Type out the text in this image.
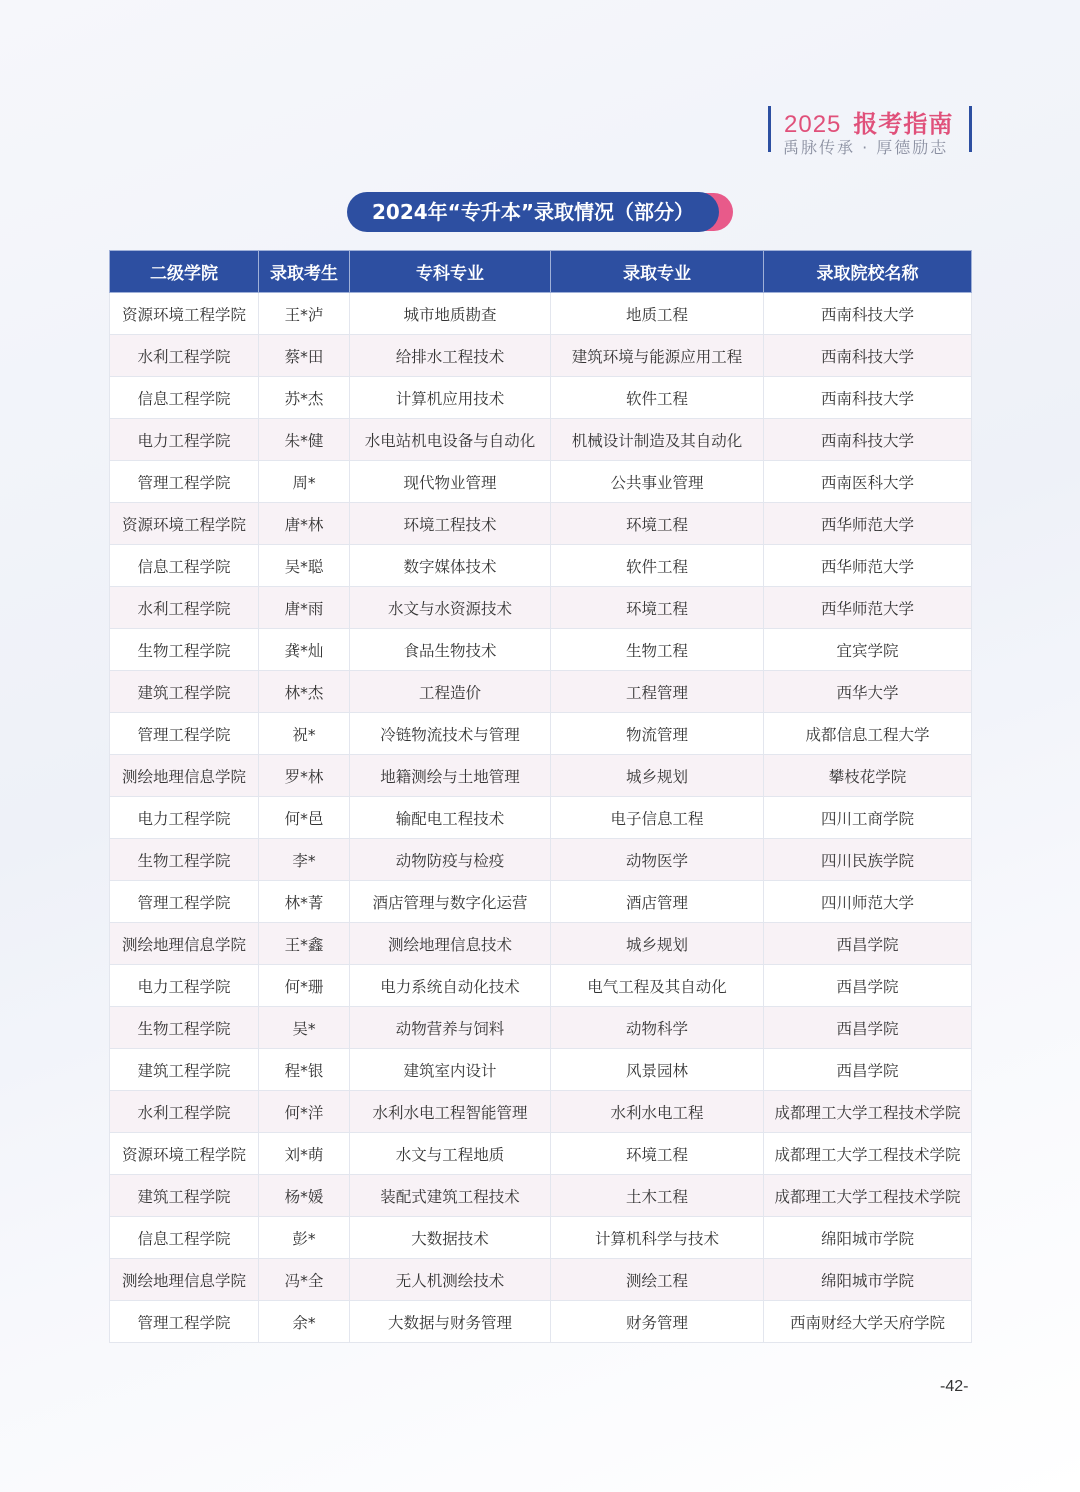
2025 报考指南
禹脉传承 · 厚德励志
2024年“专升本”录取情况（部分）
二级学院	录取考生	专科专业	录取专业	录取院校名称
资源环境工程学院	王*泸	城市地质勘查	地质工程	西南科技大学
水利工程学院	蔡*田	给排水工程技术	建筑环境与能源应用工程	西南科技大学
信息工程学院	苏*杰	计算机应用技术	软件工程	西南科技大学
电力工程学院	朱*健	水电站机电设备与自动化	机械设计制造及其自动化	西南科技大学
管理工程学院	周*	现代物业管理	公共事业管理	西南医科大学
资源环境工程学院	唐*林	环境工程技术	环境工程	西华师范大学
信息工程学院	吴*聪	数字媒体技术	软件工程	西华师范大学
水利工程学院	唐*雨	水文与水资源技术	环境工程	西华师范大学
生物工程学院	龚*灿	食品生物技术	生物工程	宜宾学院
建筑工程学院	林*杰	工程造价	工程管理	西华大学
管理工程学院	祝*	冷链物流技术与管理	物流管理	成都信息工程大学
测绘地理信息学院	罗*林	地籍测绘与土地管理	城乡规划	攀枝花学院
电力工程学院	何*邑	输配电工程技术	电子信息工程	四川工商学院
生物工程学院	李*	动物防疫与检疫	动物医学	四川民族学院
管理工程学院	林*菁	酒店管理与数字化运营	酒店管理	四川师范大学
测绘地理信息学院	王*鑫	测绘地理信息技术	城乡规划	西昌学院
电力工程学院	何*珊	电力系统自动化技术	电气工程及其自动化	西昌学院
生物工程学院	吴*	动物营养与饲料	动物科学	西昌学院
建筑工程学院	程*银	建筑室内设计	风景园林	西昌学院
水利工程学院	何*洋	水利水电工程智能管理	水利水电工程	成都理工大学工程技术学院
资源环境工程学院	刘*萌	水文与工程地质	环境工程	成都理工大学工程技术学院
建筑工程学院	杨*媛	装配式建筑工程技术	土木工程	成都理工大学工程技术学院
信息工程学院	彭*	大数据技术	计算机科学与技术	绵阳城市学院
测绘地理信息学院	冯*全	无人机测绘技术	测绘工程	绵阳城市学院
管理工程学院	余*	大数据与财务管理	财务管理	西南财经大学天府学院
-42-
